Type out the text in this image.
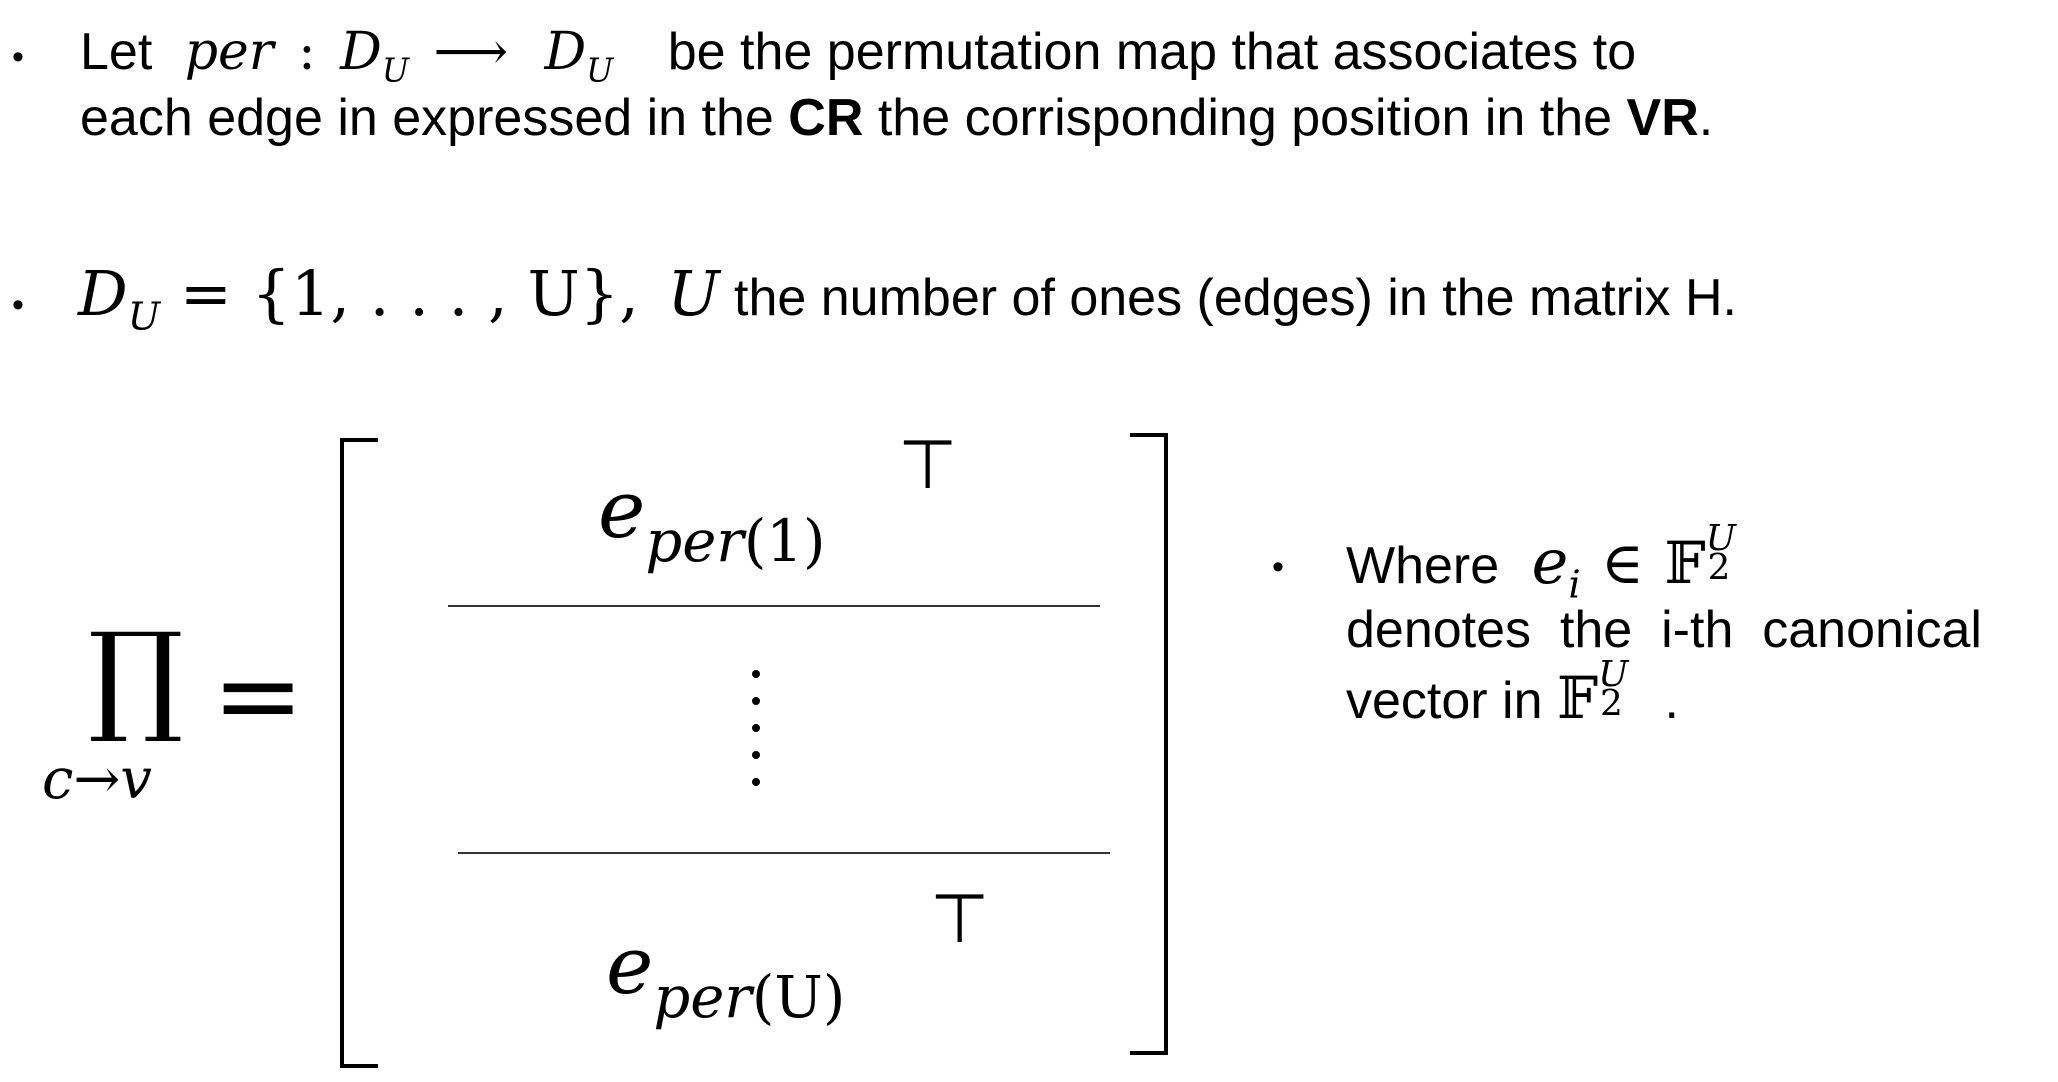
• Let per : $D_U$ ⟶ $D_U$ be the permutation map that associates to
each edge in expressed in the CR the corrisponding position in the VR.
• $D_U = \{1$, . . . , U}, U the number of ones (edges) in the matrix H.
∏
c→v
=
$e_{per(1)}$
⊤
$e_{per(U)}$
⊤
• Where $e_i$ ∈ 𝔽 U
2
denotes  the  i-th  canonical
vector in 𝔽 U
2 .
